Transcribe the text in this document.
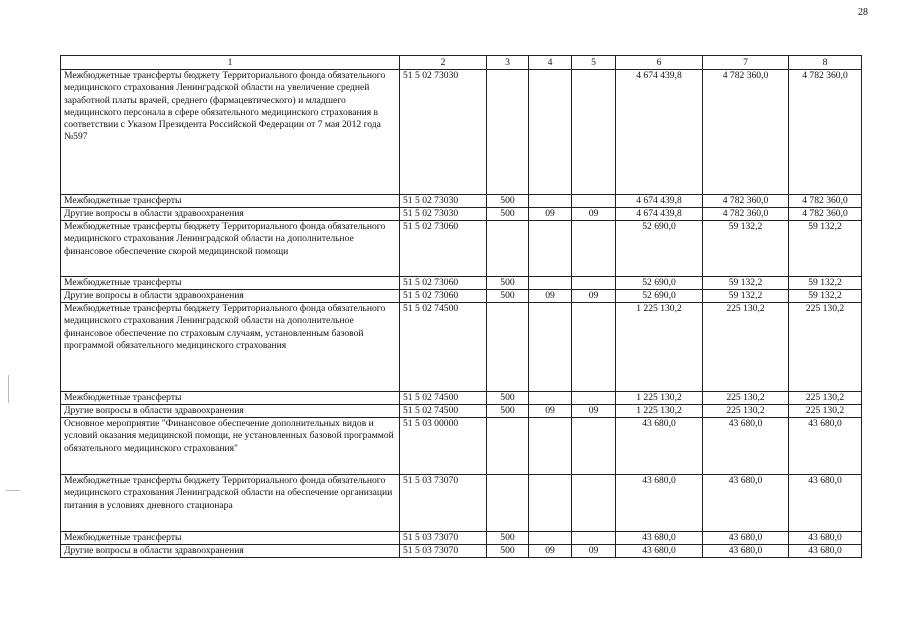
28
1	2	3	4	5	6	7	8
Межбюджетные трансферты бюджету Территориального фонда обязательного медицинского страхования Ленинградской области на увеличение средней заработной платы врачей, среднего (фармацевтического) и младшего медицинского персонала в сфере обязательного медицинского страхования в соответствии с Указом Президента Российской Федерации от 7 мая 2012 года №597	51 5 02 73030				4 674 439,8	4 782 360,0	4 782 360,0
Межбюджетные трансферты	51 5 02 73030	500			4 674 439,8	4 782 360,0	4 782 360,0
Другие вопросы в области здравоохранения	51 5 02 73030	500	09	09	4 674 439,8	4 782 360,0	4 782 360,0
Межбюджетные трансферты бюджету Территориального фонда обязательного медицинского страхования Ленинградской области на дополнительное финансовое обеспечение скорой медицинской помощи	51 5 02 73060				52 690,0	59 132,2	59 132,2
Межбюджетные трансферты	51 5 02 73060	500			52 690,0	59 132,2	59 132,2
Другие вопросы в области здравоохранения	51 5 02 73060	500	09	09	52 690,0	59 132,2	59 132,2
Межбюджетные трансферты бюджету Территориального фонда обязательного медицинского страхования Ленинградской области на дополнительное финансовое обеспечение по страховым случаям, установленным базовой программой обязательного медицинского страхования	51 5 02 74500				1 225 130,2	225 130,2	225 130,2
Межбюджетные трансферты	51 5 02 74500	500			1 225 130,2	225 130,2	225 130,2
Другие вопросы в области здравоохранения	51 5 02 74500	500	09	09	1 225 130,2	225 130,2	225 130,2
Основное мероприятие "Финансовое обеспечение дополнительных видов и условий оказания медицинской помощи, не установленных базовой программой обязательного медицинского страхования"	51 5 03 00000				43 680,0	43 680,0	43 680,0
Межбюджетные трансферты бюджету Территориального фонда обязательного медицинского страхования Ленинградской области на обеспечение организации питания в условиях дневного стационара	51 5 03 73070				43 680,0	43 680,0	43 680,0
Межбюджетные трансферты	51 5 03 73070	500			43 680,0	43 680,0	43 680,0
Другие вопросы в области здравоохранения	51 5 03 73070	500	09	09	43 680,0	43 680,0	43 680,0
